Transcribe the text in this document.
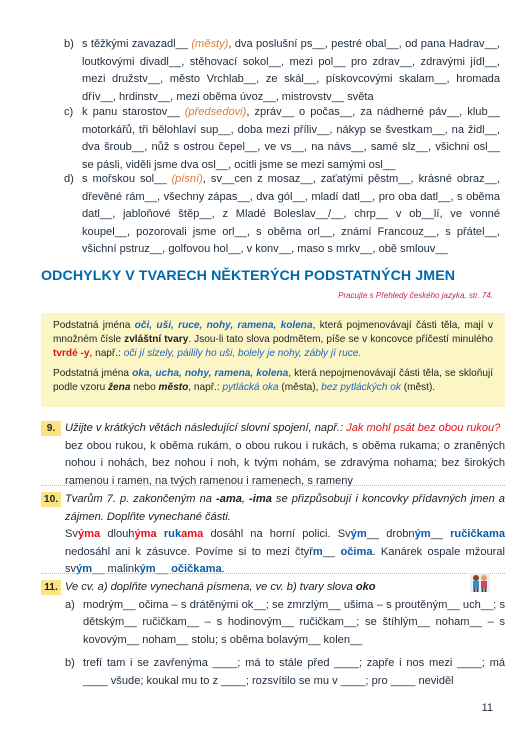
b) s těžkými zavazadl__ (městy), dva poslušní ps__, pestré obal__, od pana Hadrav__, loutkovými divadl__, stěhovací sokol__, mezi pol__ pro zdrav__, zdravými jídl__, mezi družstv__, město Vrchlab__, ze skál__, pískovcovými skalam__, hromada dřív__, hrdinstv__, mezi oběma úvoz__, mistrovstv__ světa
c) k panu starostov__ (předsedovi), zpráv__ o počas__, za nádherné páv__, klub__ motorkářů, tři bělohlaví sup__, doba mezi příliv__, nákyp se švestkam__, na židl__, dva šroub__, nůž s ostrou čepel__, ve vs__, na návs__, samé slz__, všichni osl__ se pásli, viděli jsme dva osl__, ocitli jsme se mezi samými osl__
d) s mořskou sol__ (písní), sv__cen z mosaz__, zaťatými pěstm__, krásné obraz__, dřevěné rám__, všechny zápas__, dva gól__, mladí datl__, pro oba datl__, s oběma datl__, jabloňové štěp__, z Mladé Boleslav__/__, chrp__ v ob__lí, ve vonné koupel__, pozorovali jsme orl__, s oběma orl__, známí Francouz__, s přátel__, všichní pstruz__, golfovou hol__, v konv__, maso s mrkv__, obě smlouv__
ODCHYLKY V TVARECH NĚKTERÝCH PODSTATNÝCH JMEN
Pracujte s Přehledy českého jazyka, str. 74.

Podstatná jména oči, uši, ruce, nohy, ramena, kolena, která pojmenovávají části těla, mají v množném čísle zvláštní tvary. Jsou-li tato slova podmětem, píše se v koncovce příčestí minulého tvrdé -y, např.: oči jí slzely, páilily ho uši, bolely je nohy, zábly jí ruce.

Podstatná jména oka, ucha, nohy, ramena, kolena, která nepojmenovávají části těla, se skloňují podle vzoru žena nebo město, např.: pytlácká oka (města), bez pytláckých ok (měst).

9. Užijte v krátkých větách následující slovní spojení, např.: Jak mohl psát bez obou rukou?
bez obou rukou, k oběma rukám, o obou rukou i rukách, s oběma rukama; o zraněných nohou i nohách, bez nohou i noh, k tvým nohám, se zdravýma nohama; bez širokých ramenou i ramen, na tvých ramenou i ramenech, s rameny
10. Tvarům 7. p. zakončeným na -ama, -ima se přizpůsobují i koncovky přídavných jmen a zájmen. Doplňte vynechané části.
Svýma dlouhýma rukama dosáhl na horní polici. Svým__ drobným__ ručičkama nedosáhl ani k zásuvce. Povíme si to mezi čtyřm__ očima. Kanárek ospale mžoural svým__ malinkým__ očičkama.
11. Ve cv. a) doplňte vynechaná písmena, ve cv. b) tvary slova oko
a) modrým__ očima – s drátěnými ok__; se zmrzlým__ ušima – s proutěným__ uch__; s dětským__ ručičkam__ – s hodinovým__ ručičkam__; se štíhlým__ noham__ – s kovovým__ noham__ stolu; s oběma bolavým__ kolen__
b) trefí tam i se zavřenýma ____; má to stále před ____; zapře i nos mezi ____; má ____ všude; koukal mu to z ____; rozsvítilo se mu v ____; pro ____ neviděl
11
